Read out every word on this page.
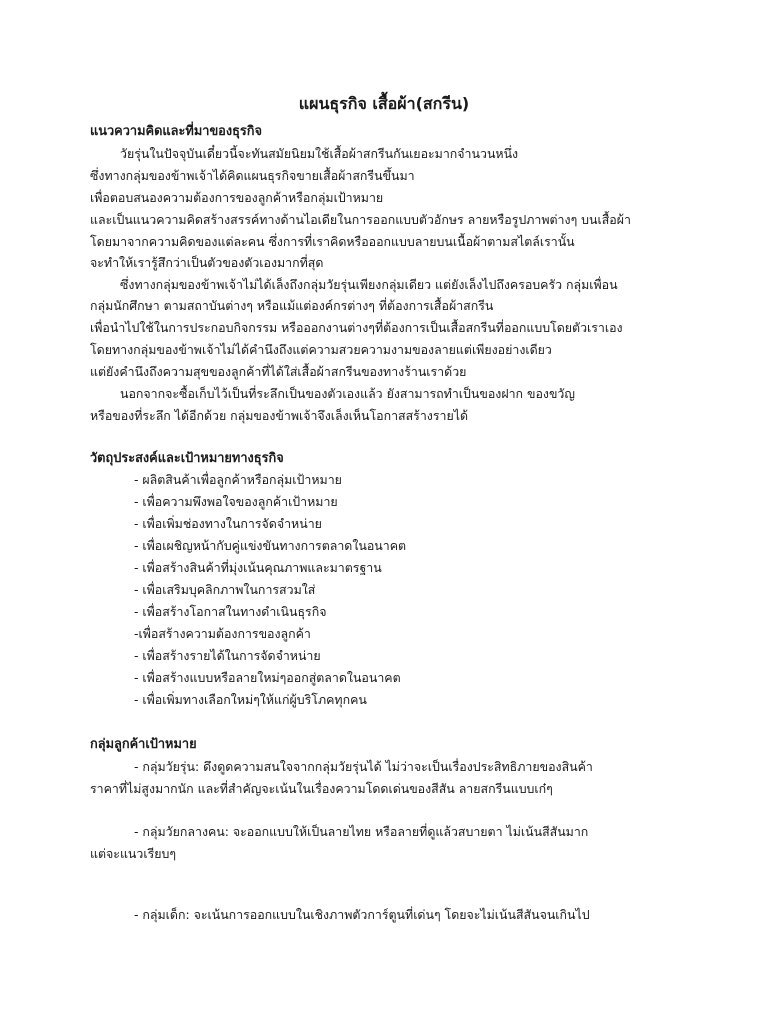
แผนธุรกิจ เสื้อผ้า(สกรีน)

แนวความคิดและที่มาของธุรกิจ

วัยรุ่นในปัจจุบันเดี๋ยวนี้จะทันสมัยนิยมใช้เสื้อผ้าสกรีนกันเยอะมากจำนวนหนึ่ง

ซึ่งทางกลุ่มของข้าพเจ้าได้คิดแผนธุรกิจขายเสื้อผ้าสกรีนขึ้นมา

เพื่อตอบสนองความต้องการของลูกค้าหรือกลุ่มเป้าหมาย

และเป็นแนวความคิดสร้างสรรค์ทางด้านไอเดียในการออกแบบตัวอักษร ลายหรือรูปภาพต่างๆ บนเสื้อผ้า

โดยมาจากความคิดของแต่ละคน ซึ่งการที่เราคิดหรือออกแบบลายบนเนื้อผ้าตามสไตล์เรานั้น

จะทำให้เรารู้สึกว่าเป็นตัวของตัวเองมากที่สุด

ซึ่งทางกลุ่มของข้าพเจ้าไม่ได้เล็งถึงกลุ่มวัยรุ่นเพียงกลุ่มเดียว แต่ยังเล็งไปถึงครอบครัว กลุ่มเพื่อน

กลุ่มนักศึกษา ตามสถาบันต่างๆ หรือแม้แต่องค์กรต่างๆ ที่ต้องการเสื้อผ้าสกรีน

เพื่อนำไปใช้ในการประกอบกิจกรรม หรือออกงานต่างๆที่ต้องการเป็นเสื้อสกรีนที่ออกแบบโดยตัวเราเอง

โดยทางกลุ่มของข้าพเจ้าไม่ได้คำนึงถึงแต่ความสวยความงามของลายแต่เพียงอย่างเดียว

แต่ยังคำนึงถึงความสุขของลูกค้าที่ได้ใส่เสื้อผ้าสกรีนของทางร้านเราด้วย

นอกจากจะซื้อเก็บไว้เป็นที่ระลึกเป็นของตัวเองแล้ว ยังสามารถทำเป็นของฝาก ของขวัญ

หรือของที่ระลึก ได้อีกด้วย กลุ่มของข้าพเจ้าจึงเล็งเห็นโอกาสสร้างรายได้

วัตถุประสงค์และเป้าหมายทางธุรกิจ

- ผลิตสินค้าเพื่อลูกค้าหรือกลุ่มเป้าหมาย

- เพื่อความพึงพอใจของลูกค้าเป้าหมาย

- เพื่อเพิ่มช่องทางในการจัดจำหน่าย

- เพื่อเผชิญหน้ากับคู่แข่งขันทางการตลาดในอนาคต

- เพื่อสร้างสินค้าที่มุ่งเน้นคุณภาพและมาตรฐาน

- เพื่อเสริมบุคลิกภาพในการสวมใส่

- เพื่อสร้างโอกาสในทางดำเนินธุรกิจ

-เพื่อสร้างความต้องการของลูกค้า

- เพื่อสร้างรายได้ในการจัดจำหน่าย

- เพื่อสร้างแบบหรือลายใหม่ๆออกสู่ตลาดในอนาคต

- เพื่อเพิ่มทางเลือกใหม่ๆให้แก่ผู้บริโภคทุกคน

กลุ่มลูกค้าเป้าหมาย

- กลุ่มวัยรุ่น: ดึงดูดความสนใจจากกลุ่มวัยรุ่นได้ ไม่ว่าจะเป็นเรื่องประสิทธิภายของสินค้า

ราคาที่ไม่สูงมากนัก และที่สำคัญจะเน้นในเรื่องความโดดเด่นของสีสัน ลายสกรีนแบบเก๋ๆ

- กลุ่มวัยกลางคน: จะออกแบบให้เป็นลายไทย หรือลายที่ดูแล้วสบายตา ไม่เน้นสีสันมาก

แต่จะแนวเรียบๆ

- กลุ่มเด็ก: จะเน้นการออกแบบในเชิงภาพตัวการ์ตูนที่เด่นๆ โดยจะไม่เน้นสีสันจนเกินไป
